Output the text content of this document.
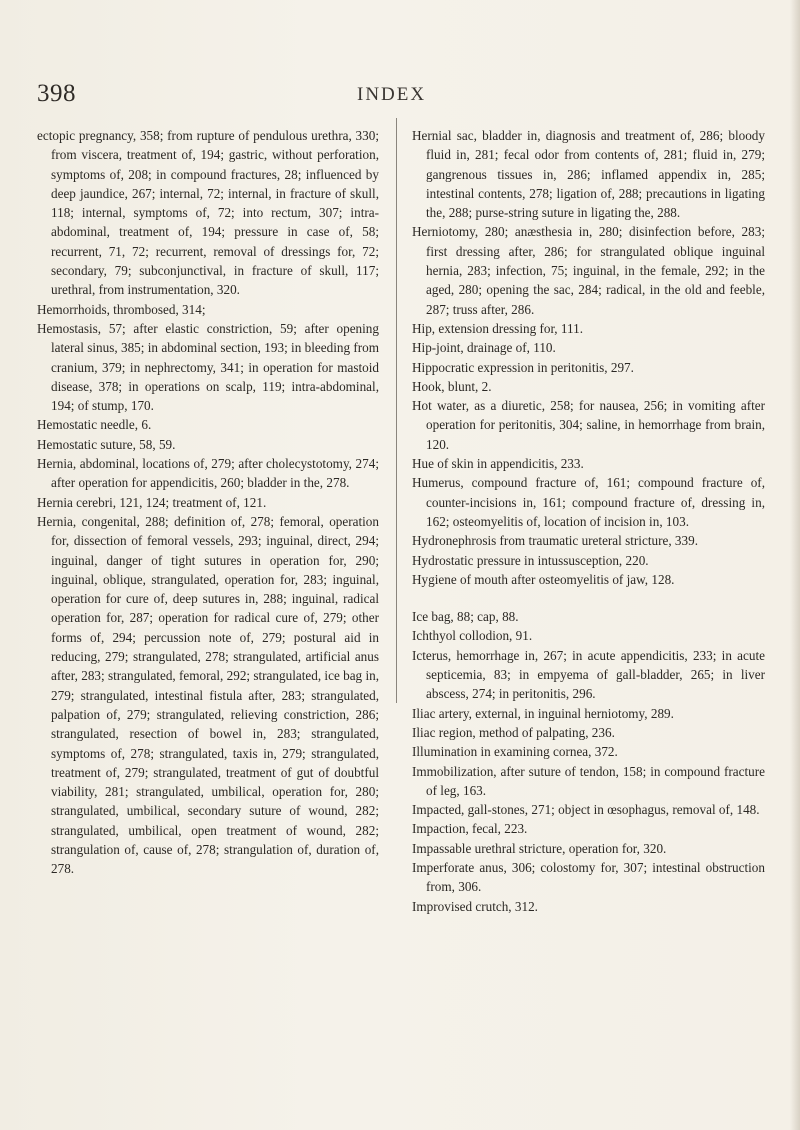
398	INDEX

ectopic pregnancy, 358; from rupture of pendulous urethra, 330; from viscera, treatment of, 194; gastric, without perforation, symptoms of, 208; in compound fractures, 28; influenced by deep jaundice, 267; internal, 72; internal, in fracture of skull, 118; internal, symptoms of, 72; into rectum, 307; intra-abdominal, treatment of, 194; pressure in case of, 58; recurrent, 71, 72; recurrent, removal of dressings for, 72; secondary, 79; subconjunctival, in fracture of skull, 117; urethral, from instrumentation, 320.

Hemorrhoids, thrombosed, 314;

Hemostasis, 57; after elastic constriction, 59; after opening lateral sinus, 385; in abdominal section, 193; in bleeding from cranium, 379; in nephrectomy, 341; in operation for mastoid disease, 378; in operations on scalp, 119; intra-abdominal, 194; of stump, 170.

Hemostatic needle, 6.

Hemostatic suture, 58, 59.

Hernia, abdominal, locations of, 279; after cholecystotomy, 274; after operation for appendicitis, 260; bladder in the, 278.

Hernia cerebri, 121, 124; treatment of, 121.

Hernia, congenital, 288; definition of, 278; femoral, operation for, dissection of femoral vessels, 293; inguinal, direct, 294; inguinal, danger of tight sutures in operation for, 290; inguinal, oblique, strangulated, operation for, 283; inguinal, operation for cure of, deep sutures in, 288; inguinal, radical operation for, 287; operation for radical cure of, 279; other forms of, 294; percussion note of, 279; postural aid in reducing, 279; strangulated, 278; strangulated, artificial anus after, 283; strangulated, femoral, 292; strangulated, ice bag in, 279; strangulated, intestinal fistula after, 283; strangulated, palpation of, 279; strangulated, relieving constriction, 286; strangulated, resection of bowel in, 283; strangulated, symptoms of, 278; strangulated, taxis in, 279; strangulated, treatment of, 279; strangulated, treatment of gut of doubtful viability, 281; strangulated, umbilical, operation for, 280; strangulated, umbilical, secondary suture of wound, 282; strangulated, umbilical, open treatment of wound, 282; strangulation of, cause of, 278; strangulation of, duration of, 278.

Hernial sac, bladder in, diagnosis and treatment of, 286; bloody fluid in, 281; fecal odor from contents of, 281; fluid in, 279; gangrenous tissues in, 286; inflamed appendix in, 285; intestinal contents, 278; ligation of, 288; precautions in ligating the, 288; purse-string suture in ligating the, 288.

Herniotomy, 280; anæsthesia in, 280; disinfection before, 283; first dressing after, 286; for strangulated oblique inguinal hernia, 283; infection, 75; inguinal, in the female, 292; in the aged, 280; opening the sac, 284; radical, in the old and feeble, 287; truss after, 286.

Hip, extension dressing for, 111.

Hip-joint, drainage of, 110.

Hippocratic expression in peritonitis, 297.

Hook, blunt, 2.

Hot water, as a diuretic, 258; for nausea, 256; in vomiting after operation for peritonitis, 304; saline, in hemorrhage from brain, 120.

Hue of skin in appendicitis, 233.

Humerus, compound fracture of, 161; compound fracture of, counter-incisions in, 161; compound fracture of, dressing in, 162; osteomyelitis of, location of incision in, 103.

Hydronephrosis from traumatic ureteral stricture, 339.

Hydrostatic pressure in intussusception, 220.

Hygiene of mouth after osteomyelitis of jaw, 128.

Ice bag, 88; cap, 88.

Ichthyol collodion, 91.

Icterus, hemorrhage in, 267; in acute appendicitis, 233; in acute septicemia, 83; in empyema of gall-bladder, 265; in liver abscess, 274; in peritonitis, 296.

Iliac artery, external, in inguinal herniotomy, 289.

Iliac region, method of palpating, 236.

Illumination in examining cornea, 372.

Immobilization, after suture of tendon, 158; in compound fracture of leg, 163.

Impacted, gall-stones, 271; object in œsophagus, removal of, 148.

Impaction, fecal, 223.

Impassable urethral stricture, operation for, 320.

Imperforate anus, 306; colostomy for, 307; intestinal obstruction from, 306.

Improvised crutch, 312.
